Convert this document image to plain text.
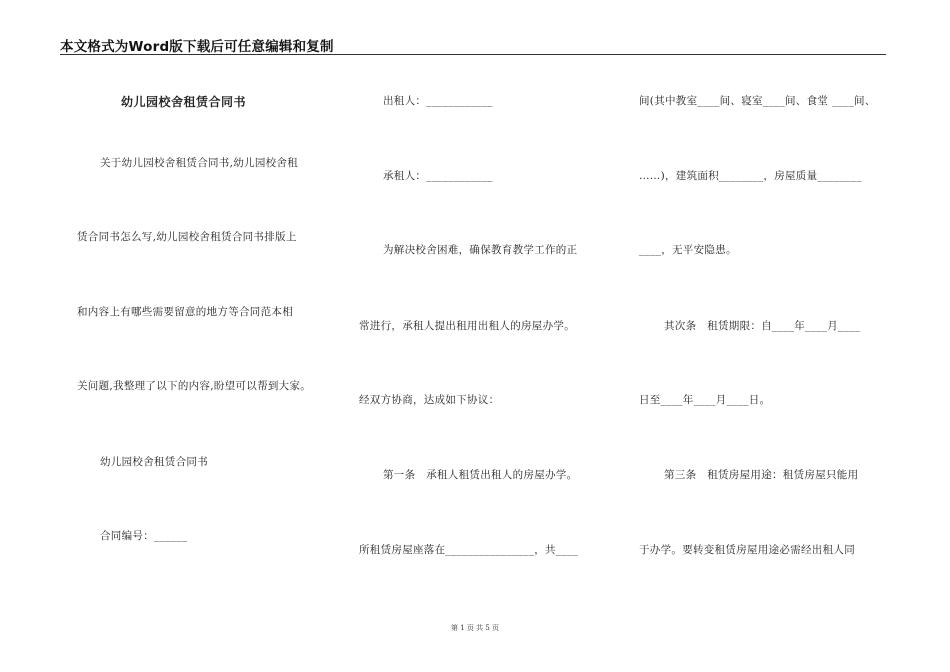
本文格式为Word版下载后可任意编辑和复制
幼儿园校舍租赁合同书
关于幼儿园校舍租赁合同书,幼儿园校舍租
赁合同书怎么写,幼儿园校舍租赁合同书排版上
和内容上有哪些需要留意的地方等合同范本相
关问题,我整理了以下的内容,盼望可以帮到大家。
幼儿园校舍租赁合同书
合同编号：______
出租人：____________
承租人：____________
为解决校舍困难，确保教育教学工作的正
常进行，承租人提出租用出租人的房屋办学。
经双方协商，达成如下协议：
第一条　承租人租赁出租人的房屋办学。
所租赁房屋座落在________________，共____
间(其中教室____间、寝室____间、食堂 ____间、
……)，建筑面积________，房屋质量________
____，无平安隐患。
其次条　租赁期限：自____年____月____
日至____年____月____日。
第三条　租赁房屋用途：租赁房屋只能用
于办学。要转变租赁房屋用途必需经出租人同
第 1 页 共 5 页
